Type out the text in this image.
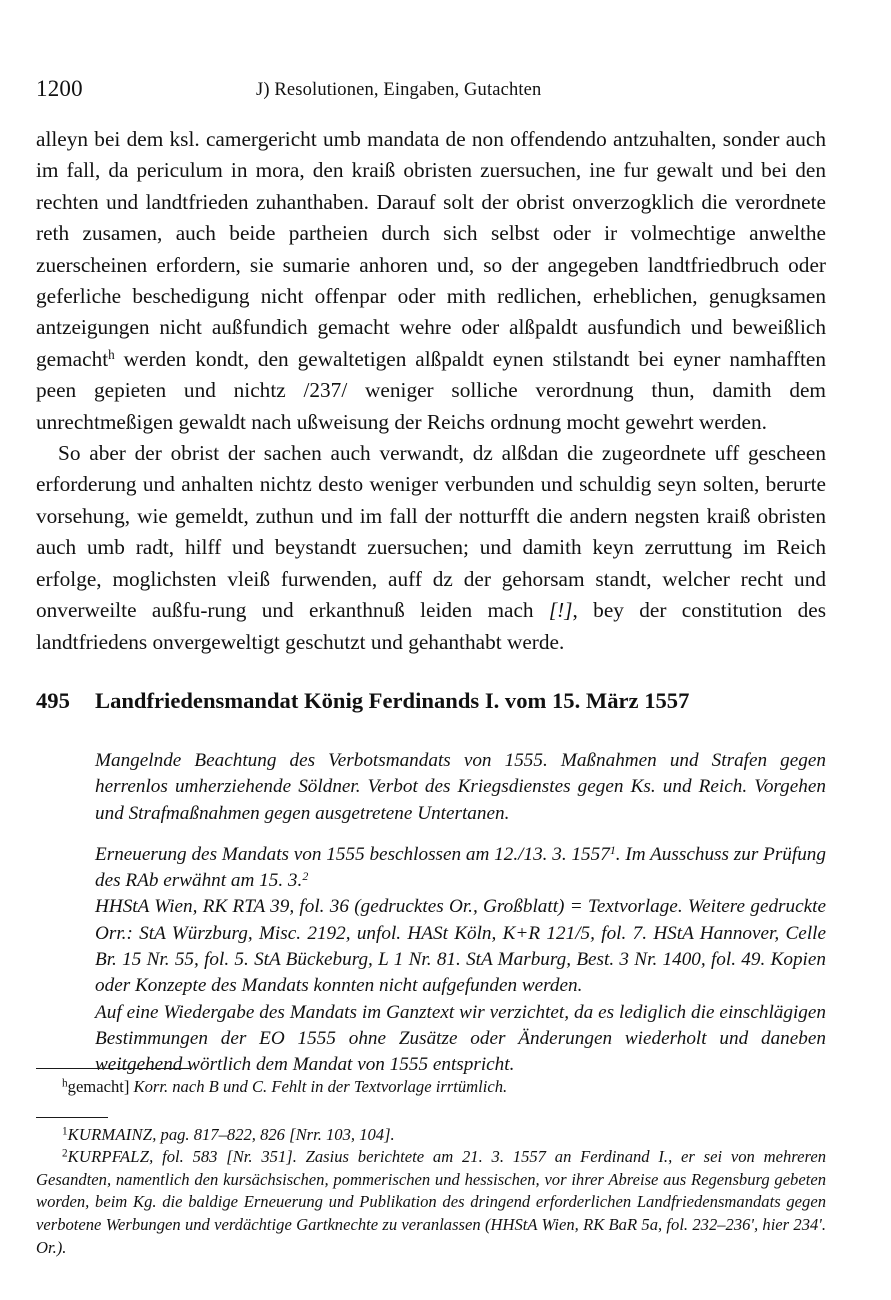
1200	J) Resolutionen, Eingaben, Gutachten

alleyn bei dem ksl. camergericht umb mandata de non offendendo antzuhalten, sonder auch im fall, da periculum in mora, den kraiß obristen zuersuchen, ine fur gewalt und bei den rechten und landtfrieden zuhanthaben. Darauf solt der obrist onverzogklich die verordnete reth zusamen, auch beide partheien durch sich selbst oder ir volmechtige anwelthe zuerscheinen erfordern, sie sumarie anhoren und, so der angegeben landtfriedbruch oder geferliche beschedigung nicht offenpar oder mith redlichen, erheblichen, genugksamen antzeigungen nicht außfundich gemacht wehre oder alßpaldt ausfundich und beweißlich gemacht$^h$ werden kondt, den gewaltetigen alßpaldt eynen stilstandt bei eyner namhafften peen gepieten und nichtz /237/ weniger solliche verordnung thun, damith dem unrechtmeßigen gewaldt nach ußweisung der Reichs ordnung mocht gewehrt werden.

So aber der obrist der sachen auch verwandt, dz alßdan die zugeordnete uff gescheen erforderung und anhalten nichtz desto weniger verbunden und schuldig seyn solten, berurte vorsehung, wie gemeldt, zuthun und im fall der notturfft die andern negsten kraiß obristen auch umb radt, hilff und beystandt zuersuchen; und damith keyn zerruttung im Reich erfolge, moglichsten vleiß furwenden, auff dz der gehorsam standt, welcher recht und onverweilte außfu-rung und erkanthnuß leiden mach [!], bey der constitution des landtfriedens onvergeweltigt geschutzt und gehanthabt werde.

495 Landfriedensmandat König Ferdinands I. vom 15. März 1557

Mangelnde Beachtung des Verbotsmandats von 1555. Maßnahmen und Strafen gegen herrenlos umherziehende Söldner. Verbot des Kriegsdienstes gegen Ks. und Reich. Vorgehen und Strafmaßnahmen gegen ausgetretene Untertanen.

Erneuerung des Mandats von 1555 beschlossen am 12./13. 3. 1557$^1$. Im Ausschuss zur Prüfung des RAb erwähnt am 15. 3.$^2$

HHStA Wien, RK RTA 39, fol. 36 (gedrucktes Or., Großblatt) = Textvorlage. Weitere gedruckte Orr.: StA Würzburg, Misc. 2192, unfol. HASt Köln, K+R 121/5, fol. 7. HStA Hannover, Celle Br. 15 Nr. 55, fol. 5. StA Bückeburg, L 1 Nr. 81. StA Marburg, Best. 3 Nr. 1400, fol. 49. Kopien oder Konzepte des Mandats konnten nicht aufgefunden werden.

Auf eine Wiedergabe des Mandats im Ganztext wir verzichtet, da es lediglich die einschlägigen Bestimmungen der EO 1555 ohne Zusätze oder Änderungen wiederholt und daneben weitgehend wörtlich dem Mandat von 1555 entspricht.

$^h$gemacht] Korr. nach B und C. Fehlt in der Textvorlage irrtümlich.

$^1$KURMAINZ, pag. 817–822, 826 [Nrr. 103, 104].

$^2$KURPFALZ, fol. 583 [Nr. 351]. Zasius berichtete am 21. 3. 1557 an Ferdinand I., er sei von mehreren Gesandten, namentlich den kursächsischen, pommerischen und hessischen, vor ihrer Abreise aus Regensburg gebeten worden, beim Kg. die baldige Erneuerung und Publikation des dringend erforderlichen Landfriedensmandats gegen verbotene Werbungen und verdächtige Gartknechte zu veranlassen (HHStA Wien, RK BaR 5a, fol. 232–236', hier 234'. Or.).
